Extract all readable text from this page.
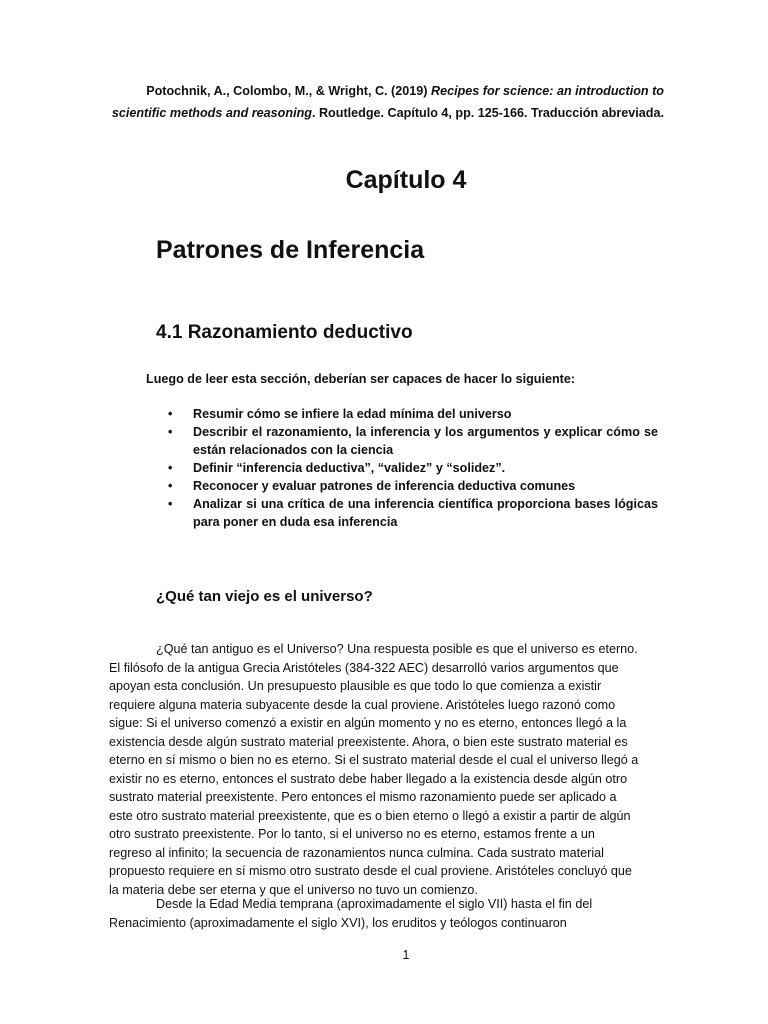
Potochnik, A., Colombo, M., & Wright, C. (2019) Recipes for science: an introduction to
scientific methods and reasoning. Routledge. Capítulo 4, pp. 125-166. Traducción abreviada.
Capítulo 4
Patrones de Inferencia
4.1 Razonamiento deductivo

Luego de leer esta sección, deberían ser capaces de hacer lo siguiente:

• Resumir cómo se infiere la edad mínima del universo
• Describir el razonamiento, la inferencia y los argumentos y explicar cómo se están relacionados con la ciencia
• Definir “inferencia deductiva”, “validez” y “solidez”.
• Reconocer y evaluar patrones de inferencia deductiva comunes
• Analizar si una crítica de una inferencia científica proporciona bases lógicas para poner en duda esa inferencia
¿Qué tan viejo es el universo?

¿Qué tan antiguo es el Universo? Una respuesta posible es que el universo es eterno.
El filósofo de la antigua Grecia Aristóteles (384-322 AEC) desarrolló varios argumentos que
apoyan esta conclusión. Un presupuesto plausible es que todo lo que comienza a existir
requiere alguna materia subyacente desde la cual proviene. Aristóteles luego razonó como
sigue: Si el universo comenzó a existir en algún momento y no es eterno, entonces llegó a la
existencia desde algún sustrato material preexistente. Ahora, o bien este sustrato material es
eterno en sí mismo o bien no es eterno. Si el sustrato material desde el cual el universo llegó a
existir no es eterno, entonces el sustrato debe haber llegado a la existencia desde algún otro
sustrato material preexistente. Pero entonces el mismo razonamiento puede ser aplicado a
este otro sustrato material preexistente, que es o bien eterno o llegó a existir a partir de algún
otro sustrato preexistente. Por lo tanto, si el universo no es eterno, estamos frente a un
regreso al infinito; la secuencia de razonamientos nunca culmina. Cada sustrato material
propuesto requiere en sí mismo otro sustrato desde el cual proviene. Aristóteles concluyó que
la materia debe ser eterna y que el universo no tuvo un comienzo.

Desde la Edad Media temprana (aproximadamente el siglo VII) hasta el fin del
Renacimiento (aproximadamente el siglo XVI), los eruditos y teólogos continuaron

1
